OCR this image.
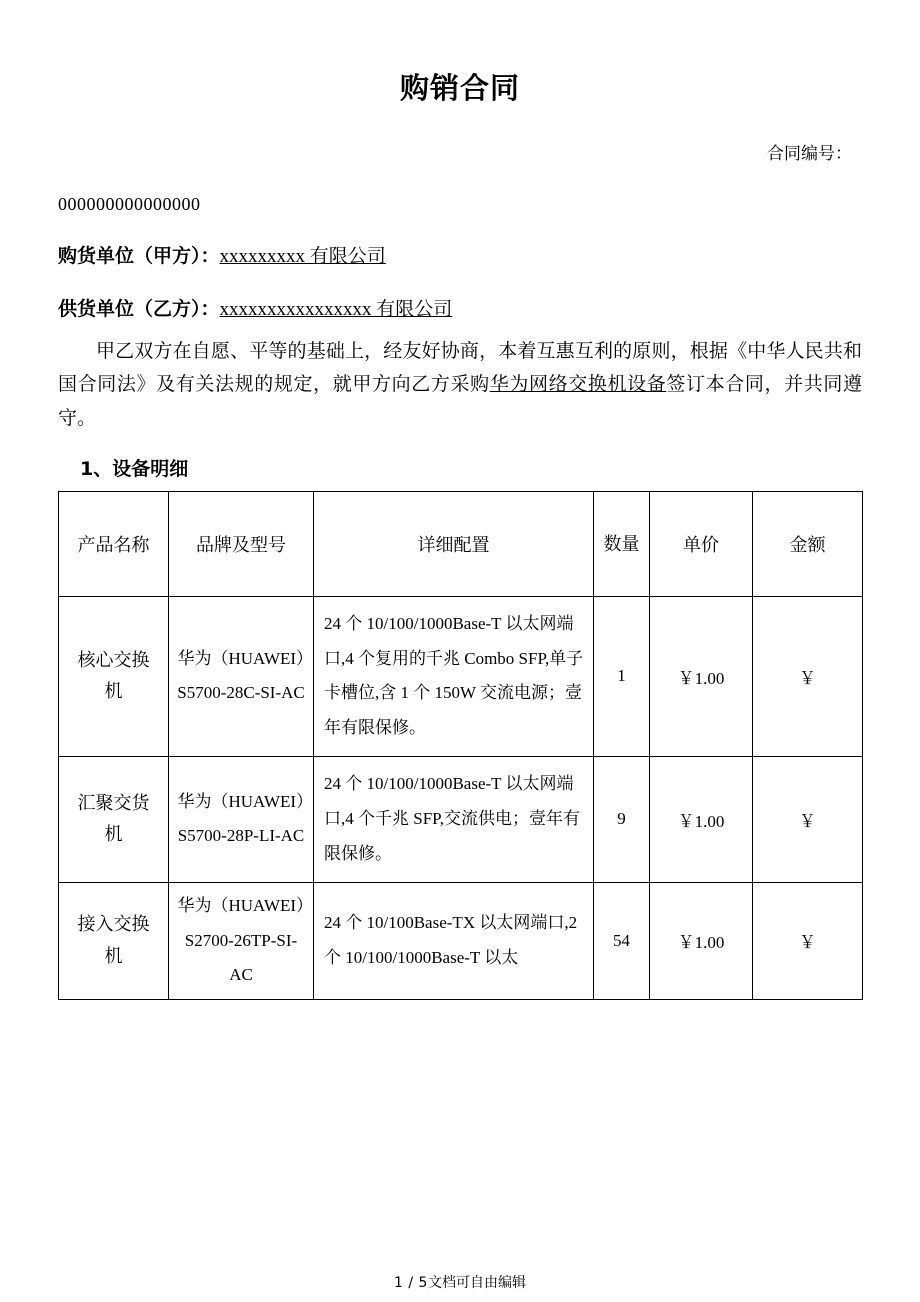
购销合同
合同编号：
000000000000000
购货单位（甲方）：xxxxxxxxx 有限公司
供货单位（乙方）：xxxxxxxxxxxxxxxx 有限公司

甲乙双方在自愿、平等的基础上，经友好协商，本着互惠互利的原则，根据《中华人民共和国合同法》及有关法规的规定，就甲方向乙方采购华为网络交换机设备签订本合同，并共同遵守。

1、设备明细
产品名称	品牌及型号	详细配置	数量	单价	金额
核心交换机	华为（HUAWEI）S5700-28C-SI-AC	24 个 10/100/1000Base-T 以太网端口,4 个复用的千兆 Combo SFP,单子卡槽位,含 1 个 150W 交流电源；壹年有限保修。	1	￥1.00	￥
汇聚交货机	华为（HUAWEI）S5700-28P-LI-AC	24 个 10/100/1000Base-T 以太网端口,4 个千兆 SFP,交流供电；壹年有限保修。	9	￥1.00	￥
接入交换机	华为（HUAWEI）S2700-26TP-SI-AC	24 个 10/100Base-TX 以太网端口,2 个 10/100/1000Base-T 以太	54	￥1.00	￥
1 / 5文档可自由编辑
